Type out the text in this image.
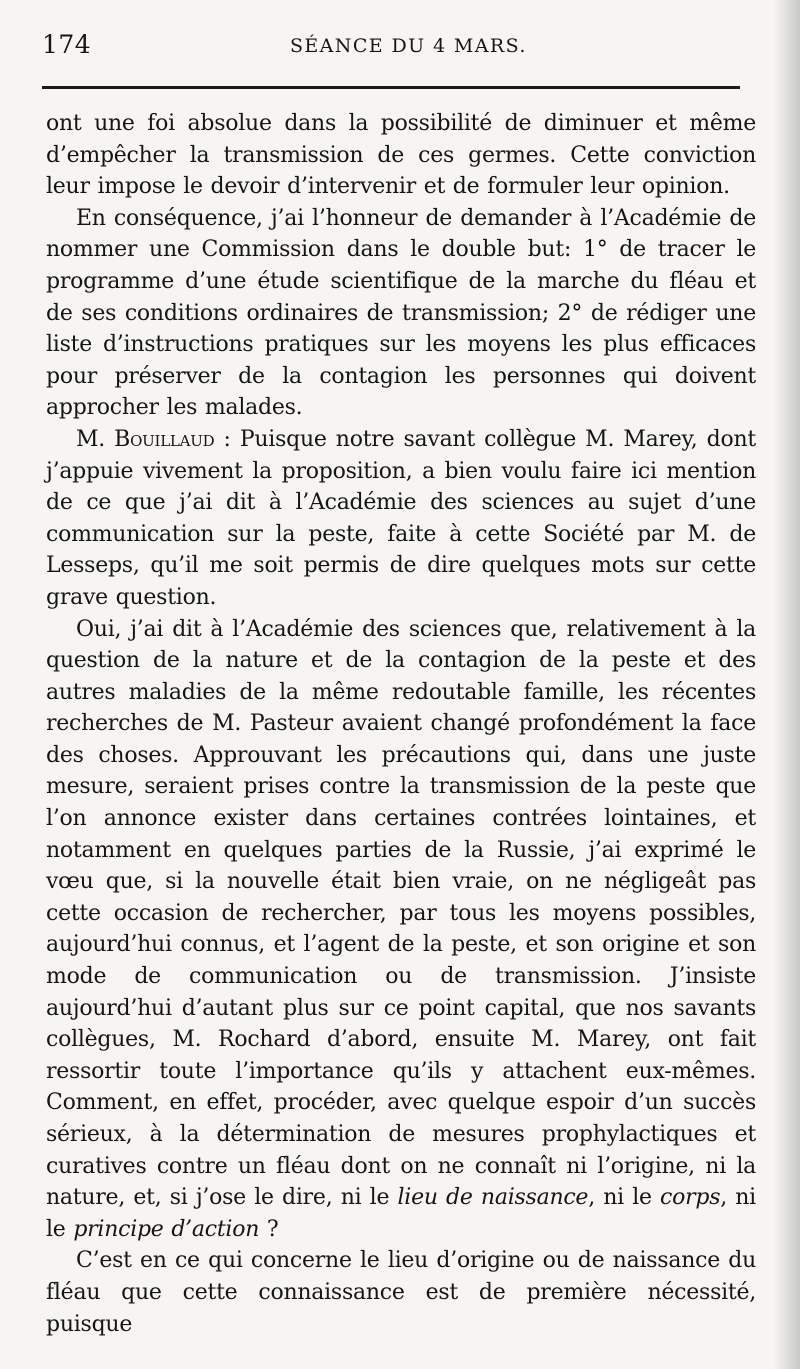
174	SÉANCE DU 4 MARS.

ont une foi absolue dans la possibilité de diminuer et même d’empêcher la transmission de ces germes. Cette conviction leur impose le devoir d’intervenir et de formuler leur opinion.

En conséquence, j’ai l’honneur de demander à l’Académie de nommer une Commission dans le double but: 1° de tracer le programme d’une étude scientifique de la marche du fléau et de ses conditions ordinaires de transmission; 2° de rédiger une liste d’instructions pratiques sur les moyens les plus efficaces pour préserver de la contagion les personnes qui doivent approcher les malades.

M. Bouillaud : Puisque notre savant collègue M. Marey, dont j’appuie vivement la proposition, a bien voulu faire ici mention de ce que j’ai dit à l’Académie des sciences au sujet d’une communication sur la peste, faite à cette Société par M. de Lesseps, qu’il me soit permis de dire quelques mots sur cette grave question.

Oui, j’ai dit à l’Académie des sciences que, relativement à la question de la nature et de la contagion de la peste et des autres maladies de la même redoutable famille, les récentes recherches de M. Pasteur avaient changé profondément la face des choses. Approuvant les précautions qui, dans une juste mesure, seraient prises contre la transmission de la peste que l’on annonce exister dans certaines contrées lointaines, et notamment en quelques parties de la Russie, j’ai exprimé le vœu que, si la nouvelle était bien vraie, on ne négligeât pas cette occasion de rechercher, par tous les moyens possibles, aujourd’hui connus, et l’agent de la peste, et son origine et son mode de communication ou de transmission. J’insiste aujourd’hui d’autant plus sur ce point capital, que nos savants collègues, M. Rochard d’abord, ensuite M. Marey, ont fait ressortir toute l’importance qu’ils y attachent eux-mêmes. Comment, en effet, procéder, avec quelque espoir d’un succès sérieux, à la détermination de mesures prophylactiques et curatives contre un fléau dont on ne connaît ni l’origine, ni la nature, et, si j’ose le dire, ni le lieu de naissance, ni le corps, ni le principe d’action ?

C’est en ce qui concerne le lieu d’origine ou de naissance du fléau que cette connaissance est de première nécessité, puisque
